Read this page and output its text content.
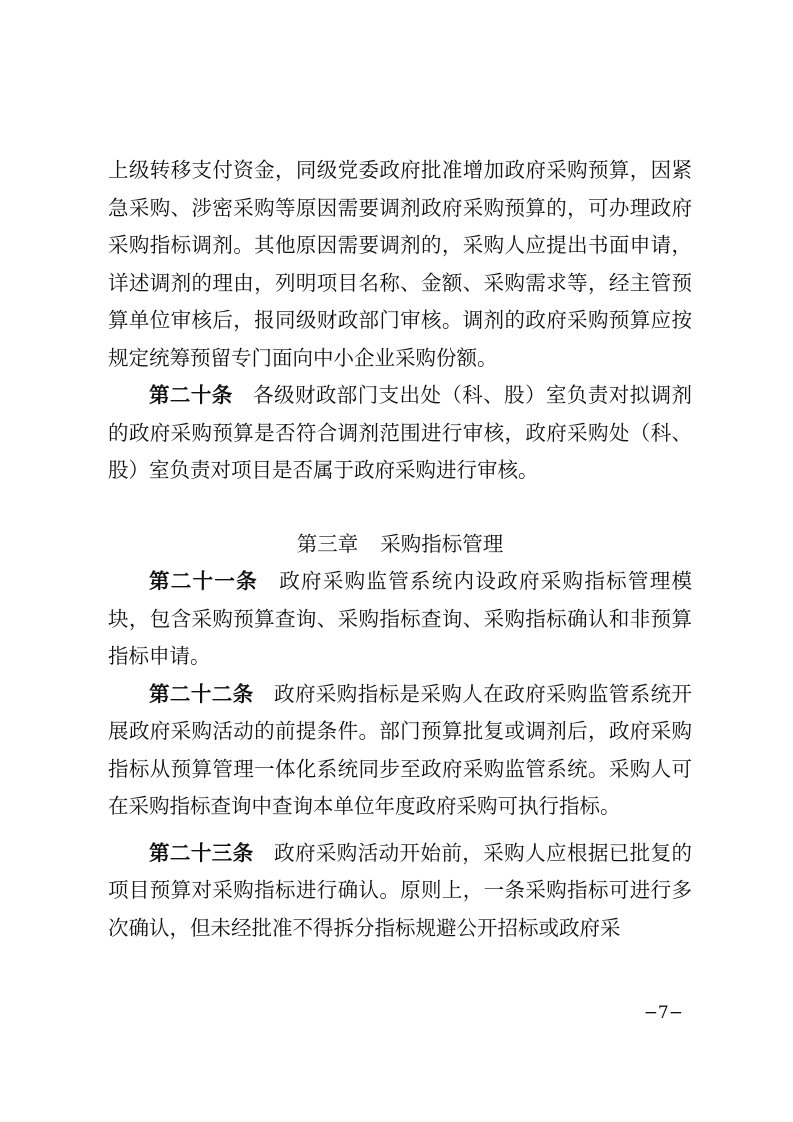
上级转移支付资金，同级党委政府批准增加政府采购预算，因紧急采购、涉密采购等原因需要调剂政府采购预算的，可办理政府采购指标调剂。其他原因需要调剂的，采购人应提出书面申请，详述调剂的理由，列明项目名称、金额、采购需求等，经主管预算单位审核后，报同级财政部门审核。调剂的政府采购预算应按规定统筹预留专门面向中小企业采购份额。

第二十条 各级财政部门支出处（科、股）室负责对拟调剂的政府采购预算是否符合调剂范围进行审核，政府采购处（科、股）室负责对项目是否属于政府采购进行审核。

第三章 采购指标管理

第二十一条 政府采购监管系统内设政府采购指标管理模块，包含采购预算查询、采购指标查询、采购指标确认和非预算指标申请。

第二十二条 政府采购指标是采购人在政府采购监管系统开展政府采购活动的前提条件。部门预算批复或调剂后，政府采购指标从预算管理一体化系统同步至政府采购监管系统。采购人可在采购指标查询中查询本单位年度政府采购可执行指标。

第二十三条 政府采购活动开始前，采购人应根据已批复的项目预算对采购指标进行确认。原则上，一条采购指标可进行多次确认，但未经批准不得拆分指标规避公开招标或政府采

−7−
